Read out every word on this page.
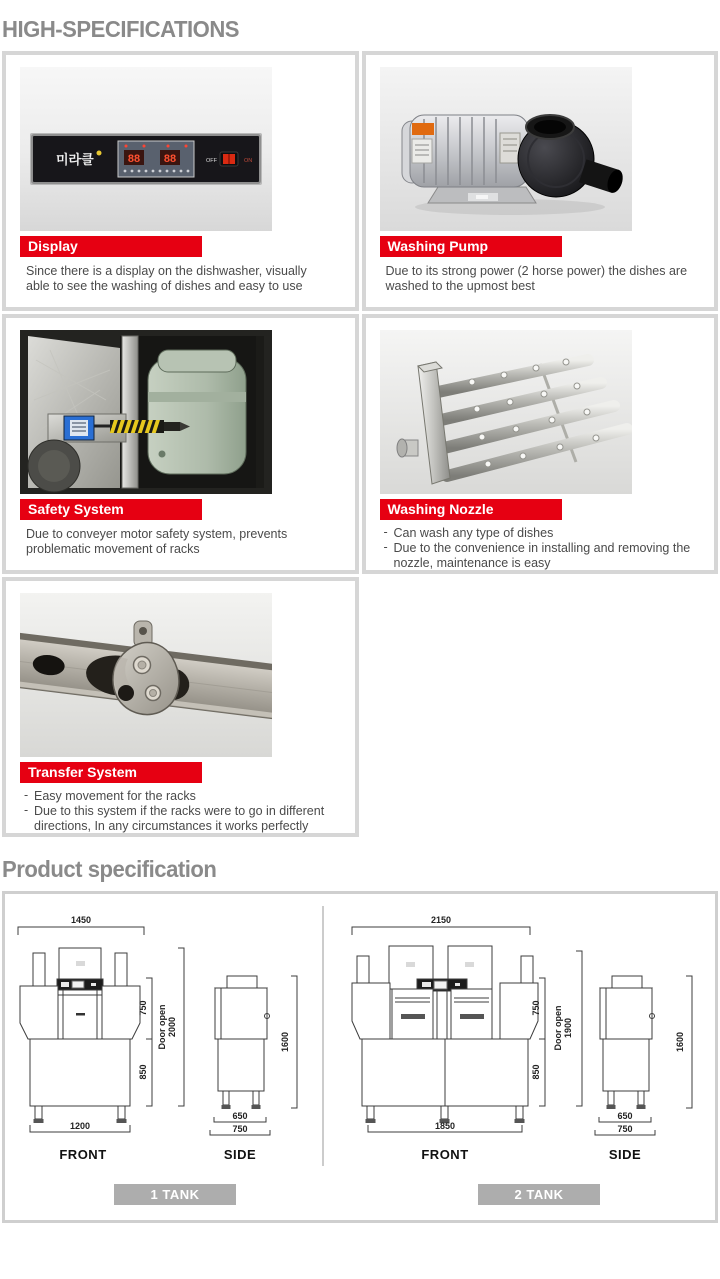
HIGH-SPECIFICATIONS
미라클	88 88	OFF	ON
Display
Since there is a display on the dishwasher, visually
able to see the washing of dishes and easy to use
Washing Pump
Due to its strong power (2 horse power) the dishes are
washed to the upmost best
Safety System
Due to conveyer motor safety system, prevents
problematic movement of racks
Washing Nozzle
- Can wash any type of dishes
- Due to the convenience in installing and removing the nozzle, maintenance is easy
Transfer System
- Easy movement for the racks
- Due to this system if the racks were to go in different directions, In any circumstances it works perfectly
Product specification
1450
1200
FRONT
750
850
Door open 2000
1600
650
750
SIDE
2150
1850
FRONT
750
850
Door open 1900
1600
650
750
SIDE
1 TANK	2 TANK
